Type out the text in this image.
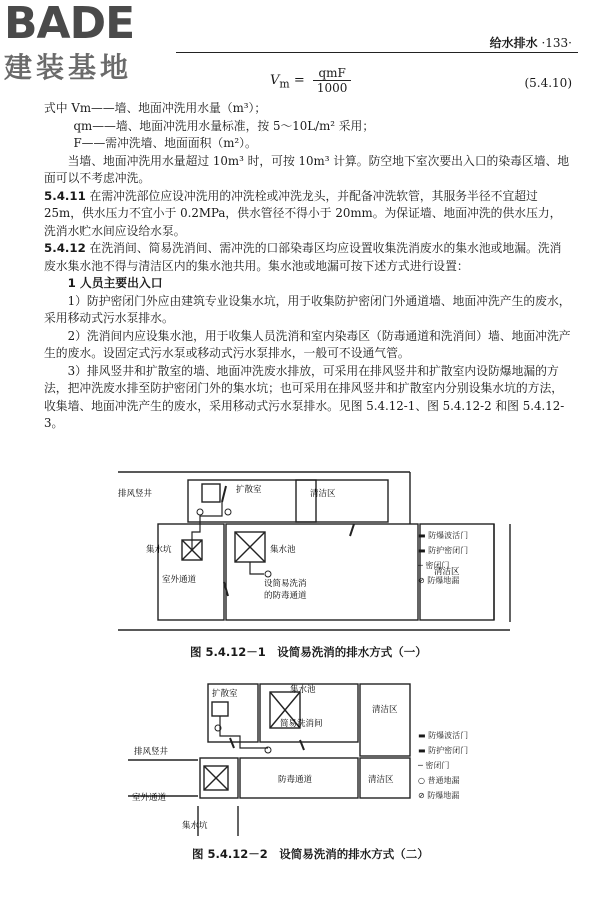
BADE
建装基地
给水排水 ·133·
$V_m = \frac{\text{qmF}}{1000}$	(5.4.10)

式中 Vm——墙、地面冲洗用水量（m³）；

qm——墙、地面冲洗用水量标准，按 5～10L/m² 采用；

F——需冲洗墙、地面面积（m²）。

当墙、地面冲洗用水量超过 10m³ 时，可按 10m³ 计算。防空地下室次要出入口的染毒区墙、地面可以不考虑冲洗。

5.4.11 在需冲洗部位应设冲洗用的冲洗栓或冲洗龙头，并配备冲洗软管，其服务半径不宜超过 25m，供水压力不宜小于 0.2MPa，供水管径不得小于 20mm。为保证墙、地面冲洗的供水压力，洗消水贮水间应设给水泵。

5.4.12 在洗消间、简易洗消间、需冲洗的口部染毒区均应设置收集洗消废水的集水池或地漏。洗消废水集水池不得与清洁区内的集水池共用。集水池或地漏可按下述方式进行设置：

1 人员主要出入口

1）防护密闭门外应由建筑专业设集水坑，用于收集防护密闭门外通道墙、地面冲洗产生的废水，采用移动式污水泵排水。

2）洗消间内应设集水池，用于收集人员洗消和室内染毒区（防毒通道和洗消间）墙、地面冲洗产生的废水。设固定式污水泵或移动式污水泵排水，一般可不设通气管。

3）排风竖井和扩散室的墙、地面冲洗废水排放，可采用在排风竖井和扩散室内设防爆地漏的方法，把冲洗废水排至防护密闭门外的集水坑；也可采用在排风竖井和扩散室内分别设集水坑的方法，收集墙、地面冲洗产生的废水，采用移动式污水泵排水。见图 5.4.12-1、图 5.4.12-2 和图 5.4.12-3。

排风竖井	扩散室	清洁区
集水坑	集水池
室外通道	设简易洗消
的防毒通道
清洁区
▬ 防爆波活门
▬ 防护密闭门
─ 密闭门
⊘ 防爆地漏
图 5.4.12－1　设简易洗消的排水方式（一）
扩散室	集水池
简易洗消间
清洁区
排风竖井
室外通道
防毒通道	清洁区
集水坑
▬ 防爆波活门
▬ 防护密闭门
─ 密闭门
○ 普通地漏
⊘ 防爆地漏
图 5.4.12－2　设简易洗消的排水方式（二）
